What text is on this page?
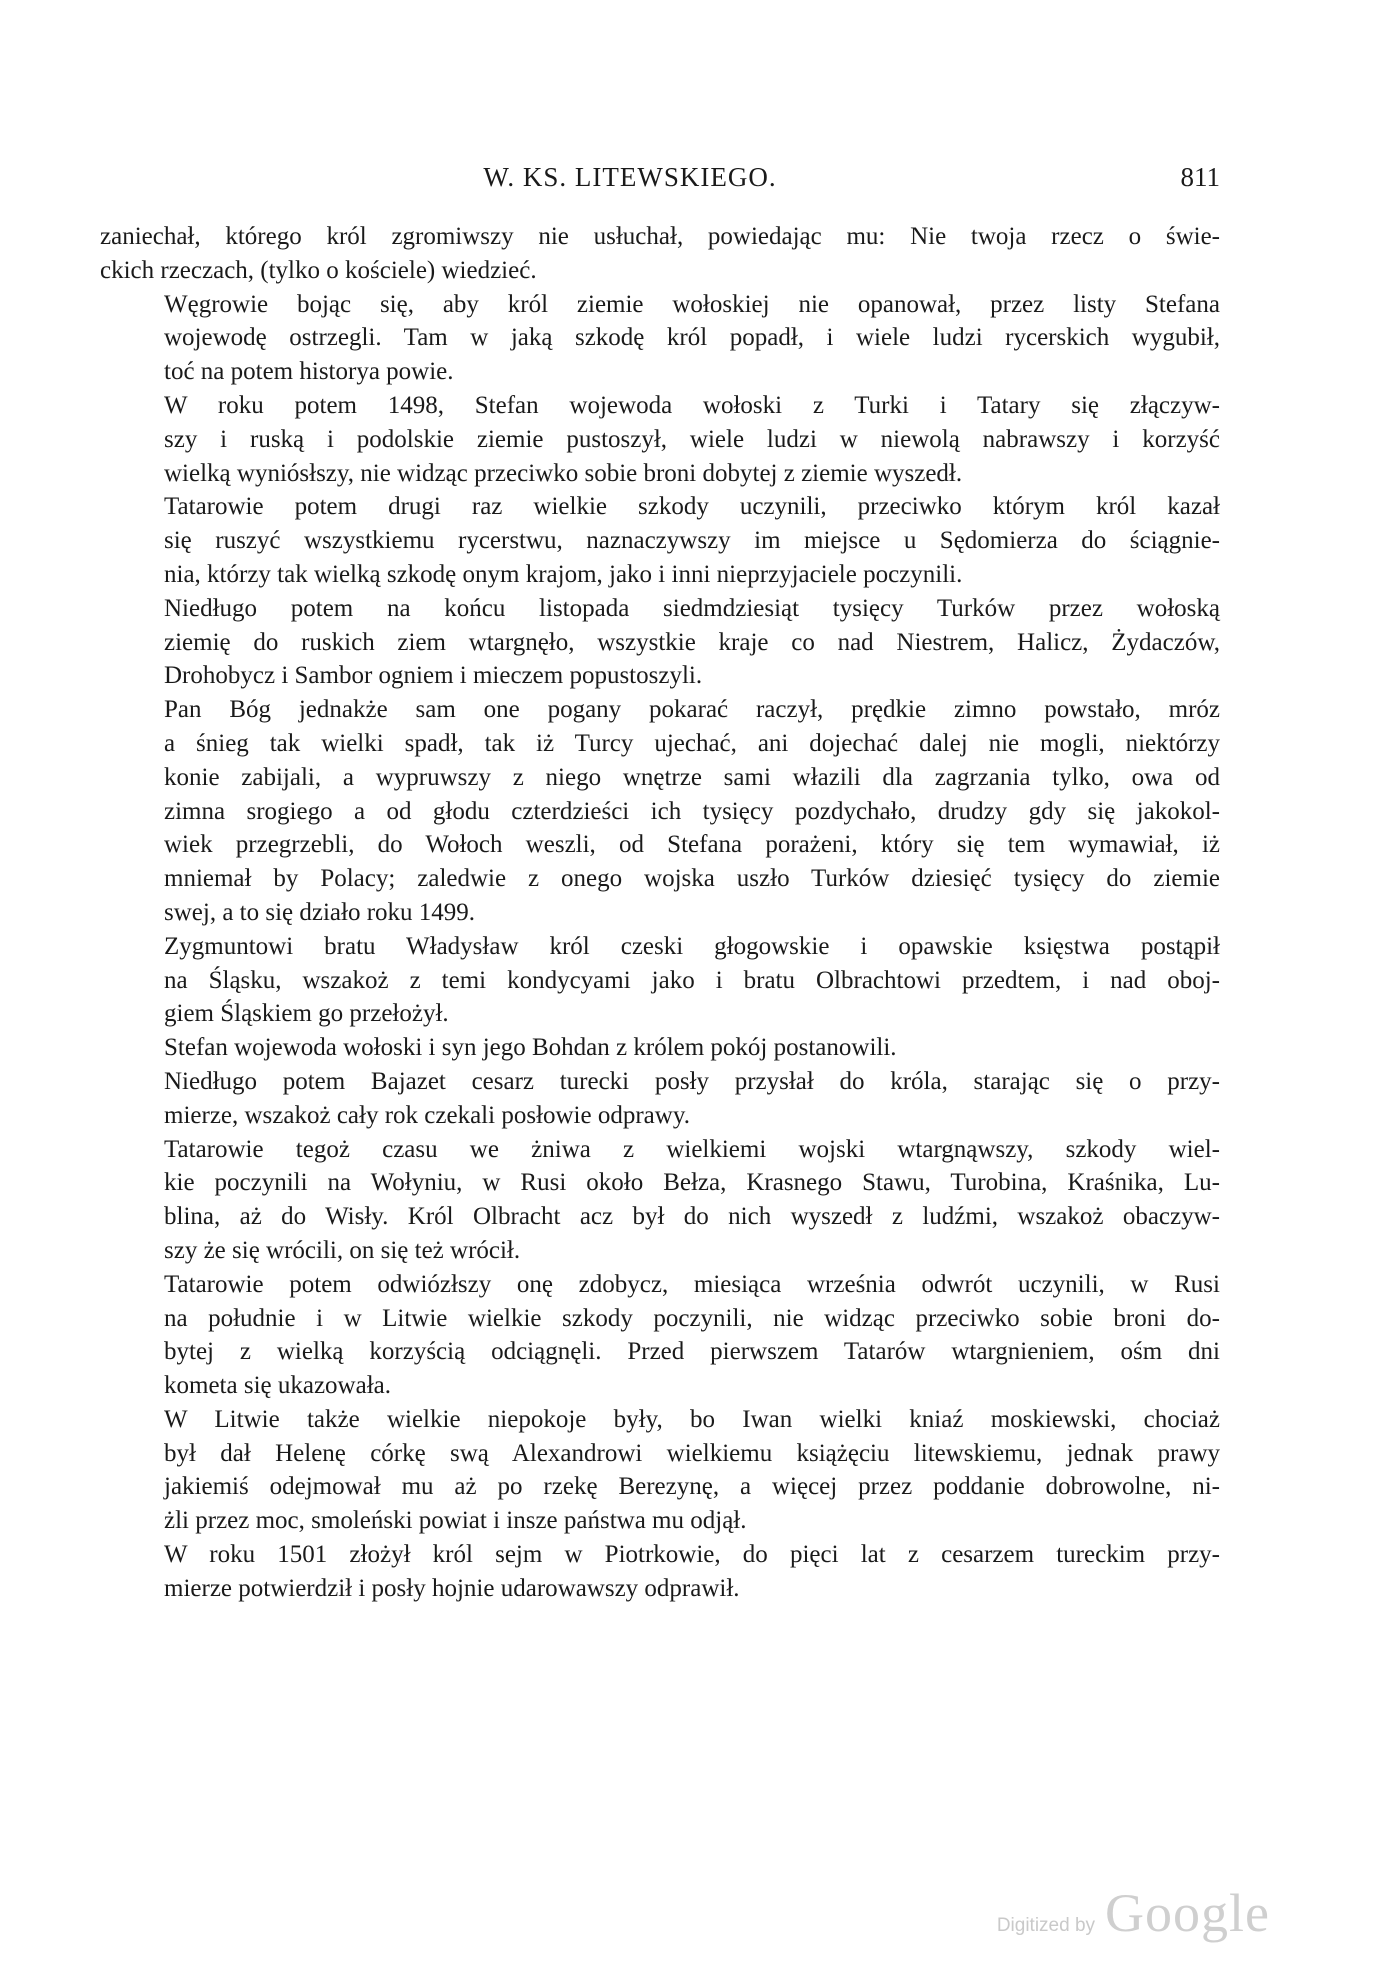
W. KS. LITEWSKIEGO.	811

zaniechał, którego król zgromiwszy nie usłuchał, powiedając mu: Nie twoja rzecz o świe-
ckich rzeczach, (tylko o kościele) wiedzieć.

Węgrowie bojąc się, aby król ziemie wołoskiej nie opanował, przez listy Stefana
wojewodę ostrzegli. Tam w jaką szkodę król popadł, i wiele ludzi rycerskich wygubił,
toć na potem historya powie.

W roku potem 1498, Stefan wojewoda wołoski z Turki i Tatary się złączyw-
szy i ruską i podolskie ziemie pustoszył, wiele ludzi w niewolą nabrawszy i korzyść
wielką wyniósłszy, nie widząc przeciwko sobie broni dobytej z ziemie wyszedł.

Tatarowie potem drugi raz wielkie szkody uczynili, przeciwko którym król kazał
się ruszyć wszystkiemu rycerstwu, naznaczywszy im miejsce u Sędomierza do ściągnie-
nia, którzy tak wielką szkodę onym krajom, jako i inni nieprzyjaciele poczynili.

Niedługo potem na końcu listopada siedmdziesiąt tysięcy Turków przez wołoską
ziemię do ruskich ziem wtargnęło, wszystkie kraje co nad Niestrem, Halicz, Żydaczów,
Drohobycz i Sambor ogniem i mieczem popustoszyli.

Pan Bóg jednakże sam one pogany pokarać raczył, prędkie zimno powstało, mróz
a śnieg tak wielki spadł, tak iż Turcy ujechać, ani dojechać dalej nie mogli, niektórzy
konie zabijali, a wypruwszy z niego wnętrze sami włazili dla zagrzania tylko, owa od
zimna srogiego a od głodu czterdzieści ich tysięcy pozdychało, drudzy gdy się jakokol-
wiek przegrzebli, do Wołoch weszli, od Stefana porażeni, który się tem wymawiał, iż
mniemał by Polacy; zaledwie z onego wojska uszło Turków dziesięć tysięcy do ziemie
swej, a to się działo roku 1499.

Zygmuntowi bratu Władysław król czeski głogowskie i opawskie księstwa postąpił
na Śląsku, wszakoż z temi kondycyami jako i bratu Olbrachtowi przedtem, i nad oboj-
giem Śląskiem go przełożył.

Stefan wojewoda wołoski i syn jego Bohdan z królem pokój postanowili.

Niedługo potem Bajazet cesarz turecki posły przysłał do króla, starając się o przy-
mierze, wszakoż cały rok czekali posłowie odprawy.

Tatarowie tegoż czasu we żniwa z wielkiemi wojski wtargnąwszy, szkody wiel-
kie poczynili na Wołyniu, w Rusi około Bełza, Krasnego Stawu, Turobina, Kraśnika, Lu-
blina, aż do Wisły. Król Olbracht acz był do nich wyszedł z ludźmi, wszakoż obaczyw-
szy że się wrócili, on się też wrócił.

Tatarowie potem odwiózłszy onę zdobycz, miesiąca września odwrót uczynili, w Rusi
na południe i w Litwie wielkie szkody poczynili, nie widząc przeciwko sobie broni do-
bytej z wielką korzyścią odciągnęli. Przed pierwszem Tatarów wtargnieniem, ośm dni
kometa się ukazowała.

W Litwie także wielkie niepokoje były, bo Iwan wielki kniaź moskiewski, chociaż
był dał Helenę córkę swą Alexandrowi wielkiemu książęciu litewskiemu, jednak prawy
jakiemiś odejmował mu aż po rzekę Berezynę, a więcej przez poddanie dobrowolne, ni-
żli przez moc, smoleński powiat i insze państwa mu odjął.

W roku 1501 złożył król sejm w Piotrkowie, do pięci lat z cesarzem tureckim przy-
mierze potwierdził i posły hojnie udarowawszy odprawił.

Digitized by Google
